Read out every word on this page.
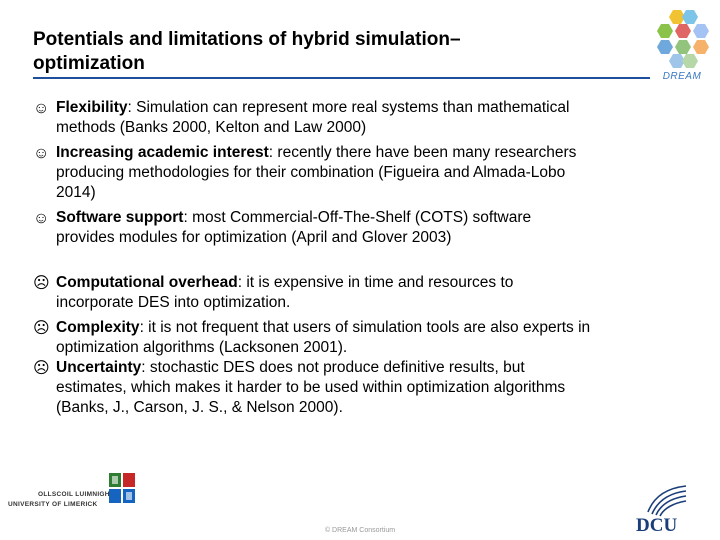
Potentials and limitations of hybrid simulation–
optimization
DREAM
☺ Flexibility: Simulation can represent more real systems than mathematical
methods (Banks 2000, Kelton and Law 2000)
☺ Increasing academic interest: recently there have been many researchers
producing methodologies for their combination (Figueira and Almada-Lobo
2014)
☺ Software support: most Commercial-Off-The-Shelf (COTS) software
provides modules for optimization (April and Glover 2003)
☹ Computational overhead: it is expensive in time and resources to
incorporate DES into optimization.
☹ Complexity: it is not frequent that users of simulation tools are also experts in
optimization algorithms (Lacksonen 2001).
☹ Uncertainty: stochastic DES does not produce definitive results, but
estimates, which makes it harder to be used within optimization algorithms
(Banks, J., Carson, J. S., & Nelson 2000).
OLLSCOIL LUIMNIGH
UNIVERSITY OF LIMERICK
© DREAM Consortium	DCU
